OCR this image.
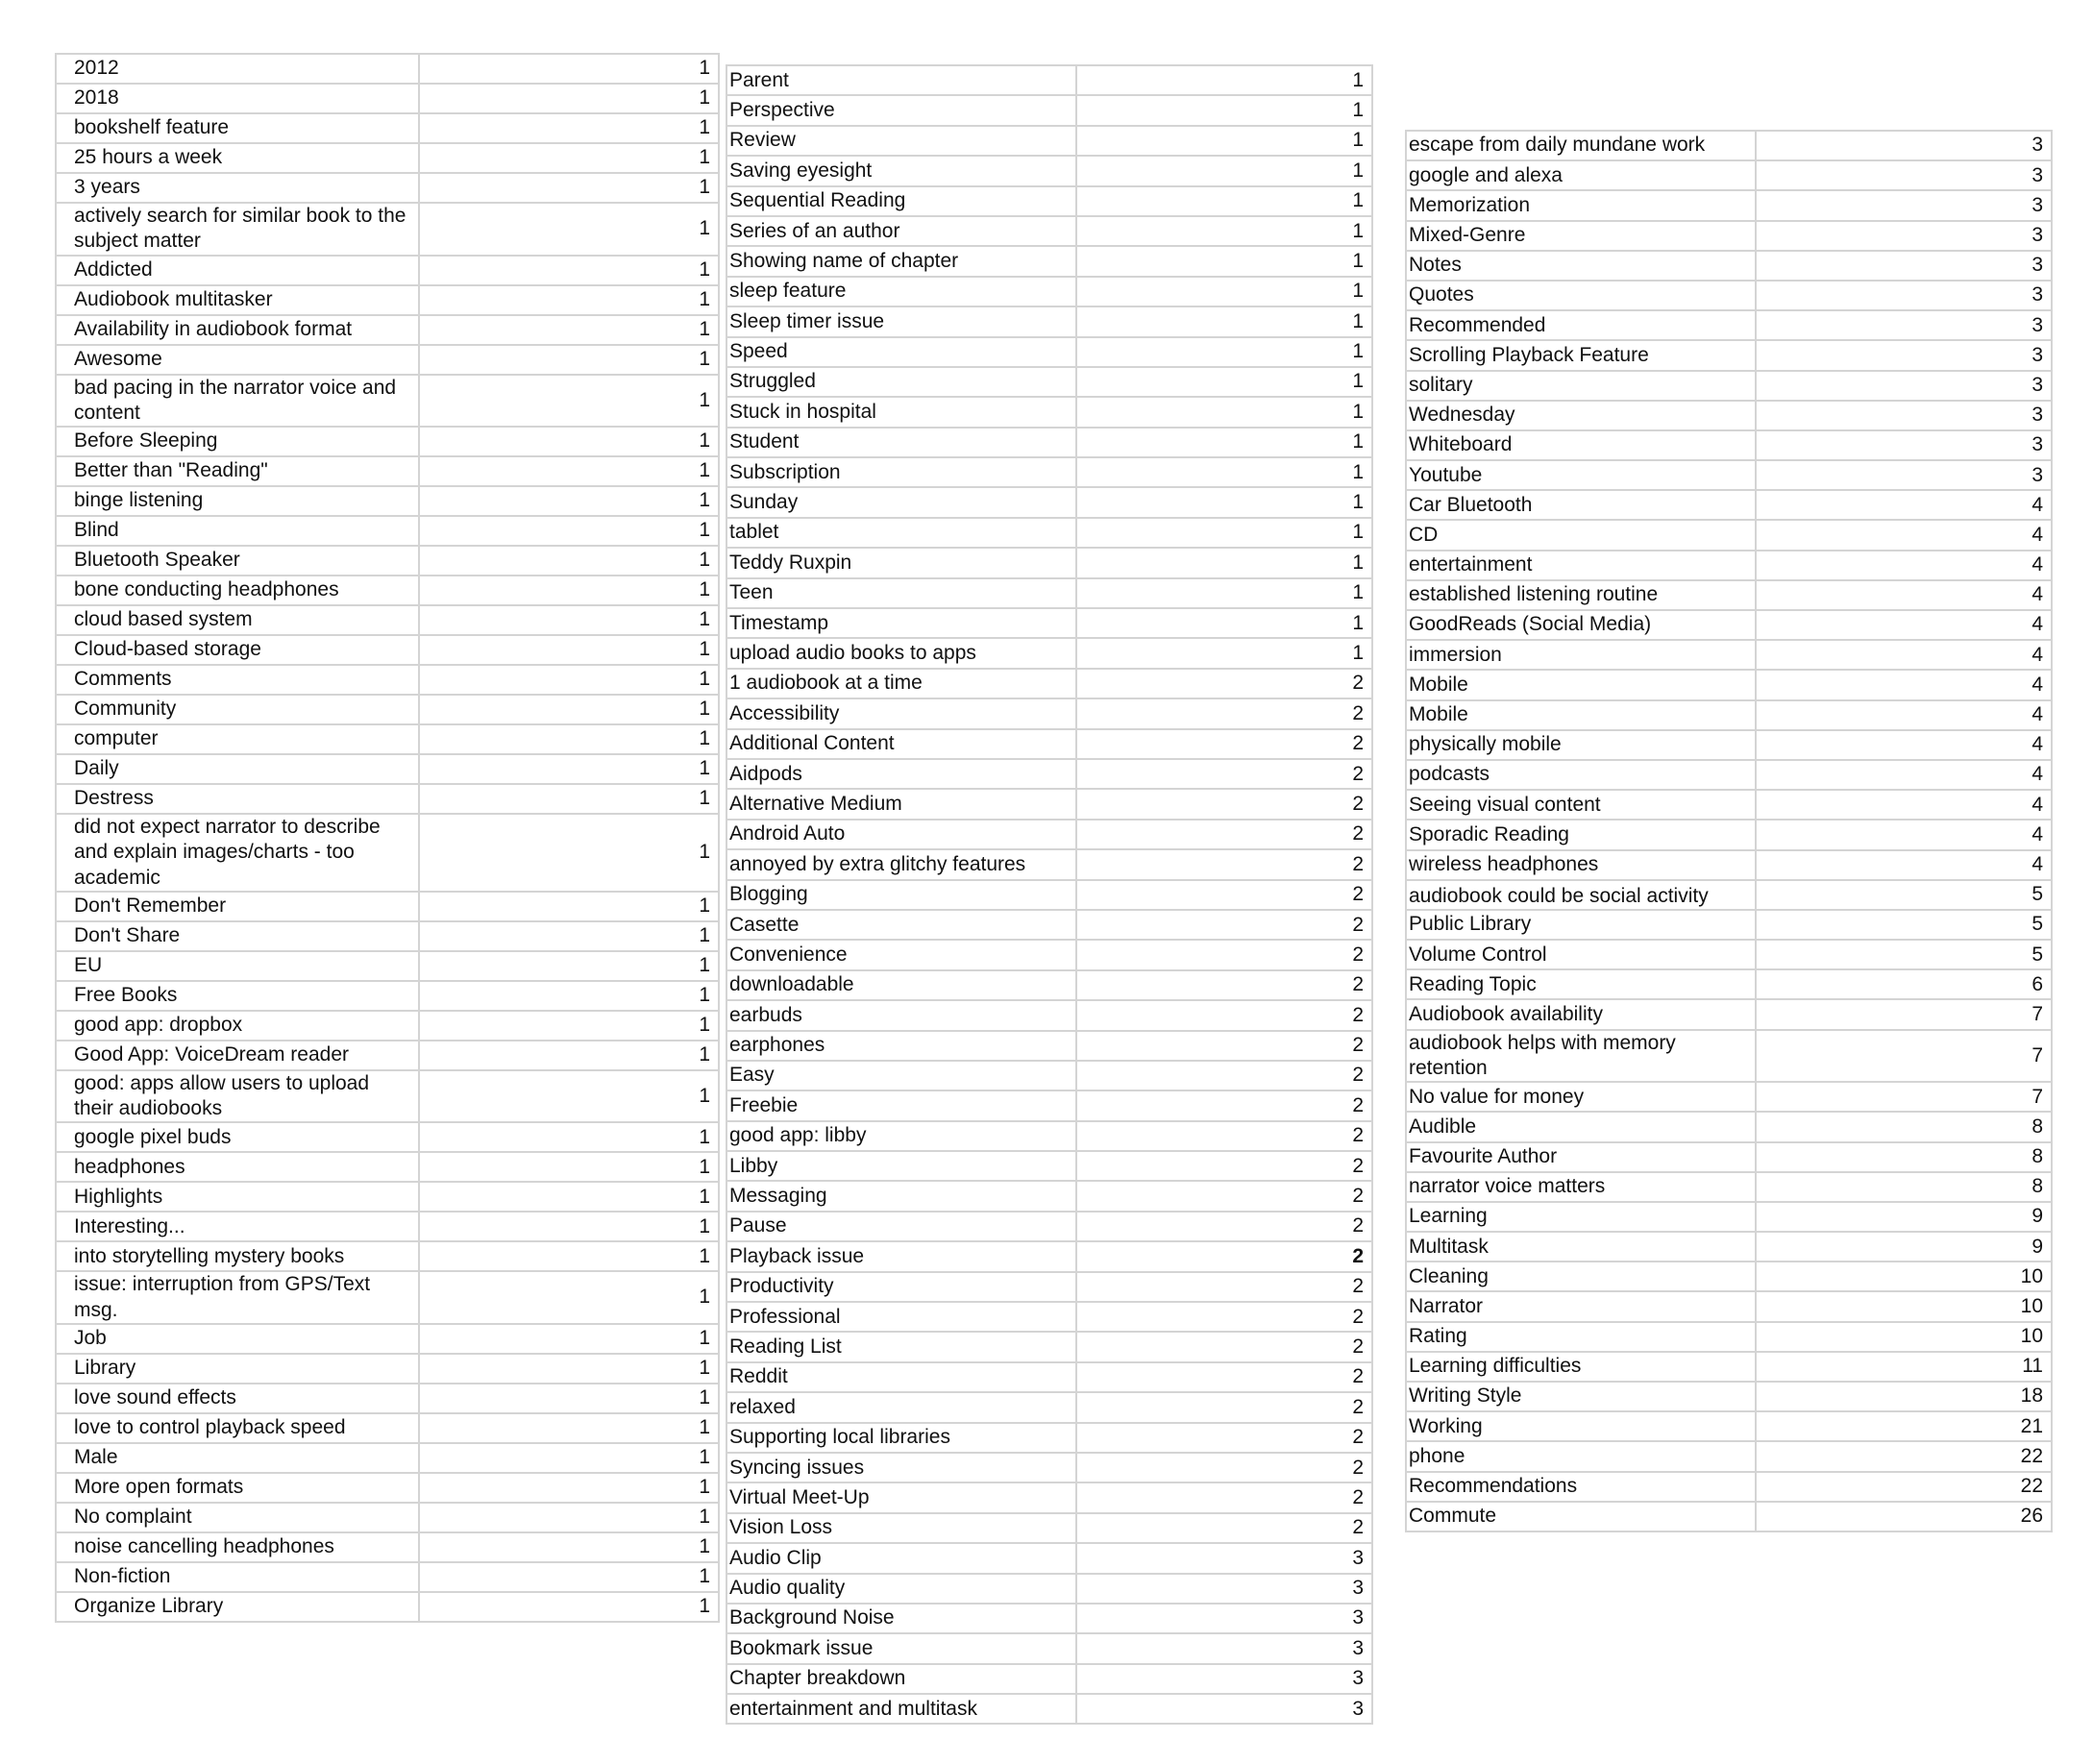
2012	1
2018	1
bookshelf feature	1
25 hours a week	1
3 years	1
actively search for similar book to the subject matter	1
Addicted	1
Audiobook multitasker	1
Availability in audiobook format	1
Awesome	1
bad pacing in the narrator voice and content	1
Before Sleeping	1
Better than "Reading"	1
binge listening	1
Blind	1
Bluetooth Speaker	1
bone conducting headphones	1
cloud based system	1
Cloud-based storage	1
Comments	1
Community	1
computer	1
Daily	1
Destress	1
did not expect narrator to describe and explain images/charts - too academic	1
Don't Remember	1
Don't Share	1
EU	1
Free Books	1
good app: dropbox	1
Good App: VoiceDream reader	1
good: apps allow users to upload their audiobooks	1
google pixel buds	1
headphones	1
Highlights	1
Interesting...	1
into storytelling mystery books	1
issue: interruption from GPS/Text msg.	1
Job	1
Library	1
love sound effects	1
love to control playback speed	1
Male	1
More open formats	1
No complaint	1
noise cancelling headphones	1
Non-fiction	1
Organize Library	1
Parent	1
Perspective	1
Review	1
Saving eyesight	1
Sequential Reading	1
Series of an author	1
Showing name of chapter	1
sleep feature	1
Sleep timer issue	1
Speed	1
Struggled	1
Stuck in hospital	1
Student	1
Subscription	1
Sunday	1
tablet	1
Teddy Ruxpin	1
Teen	1
Timestamp	1
upload audio books to apps	1
1 audiobook at a time	2
Accessibility	2
Additional Content	2
Aidpods	2
Alternative Medium	2
Android Auto	2
annoyed by extra glitchy features	2
Blogging	2
Casette	2
Convenience	2
downloadable	2
earbuds	2
earphones	2
Easy	2
Freebie	2
good app: libby	2
Libby	2
Messaging	2
Pause	2
Playback issue	2
Productivity	2
Professional	2
Reading List	2
Reddit	2
relaxed	2
Supporting local libraries	2
Syncing issues	2
Virtual Meet-Up	2
Vision Loss	2
Audio Clip	3
Audio quality	3
Background Noise	3
Bookmark issue	3
Chapter breakdown	3
entertainment and multitask	3
escape from daily mundane work	3
google and alexa	3
Memorization	3
Mixed-Genre	3
Notes	3
Quotes	3
Recommended	3
Scrolling Playback Feature	3
solitary	3
Wednesday	3
Whiteboard	3
Youtube	3
Car Bluetooth	4
CD	4
entertainment	4
established listening routine	4
GoodReads (Social Media)	4
immersion	4
Mobile	4
Mobile	4
physically mobile	4
podcasts	4
Seeing visual content	4
Sporadic Reading	4
wireless headphones	4
audiobook could be social activity	5
Public Library	5
Volume Control	5
Reading Topic	6
Audiobook availability	7
audiobook helps with memory retention	7
No value for money	7
Audible	8
Favourite Author	8
narrator voice matters	8
Learning	9
Multitask	9
Cleaning	10
Narrator	10
Rating	10
Learning difficulties	11
Writing Style	18
Working	21
phone	22
Recommendations	22
Commute	26
